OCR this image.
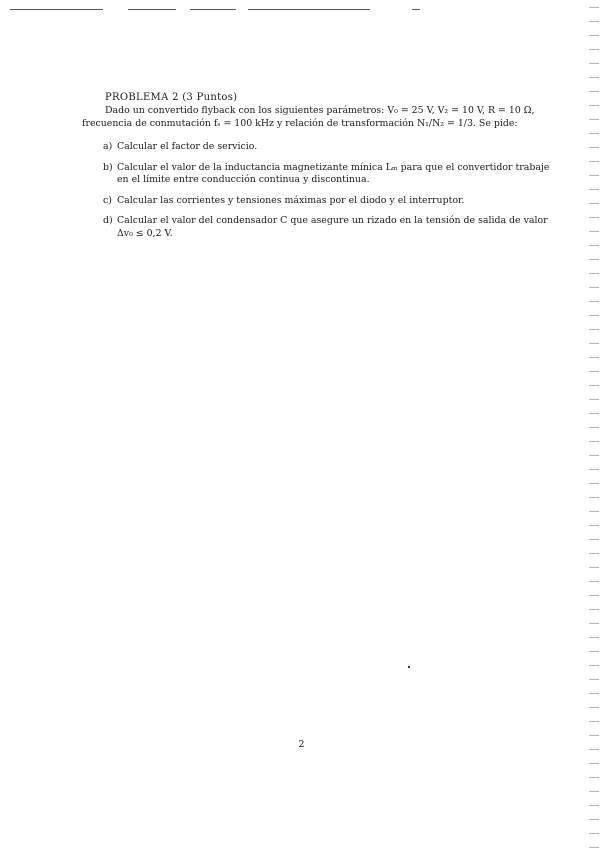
PROBLEMA 2 (3 Puntos)
Dado un convertido flyback con los siguientes parámetros: V₀ = 25 V, V₂ = 10 V, R = 10 Ω, frecuencia de conmutación fₛ = 100 kHz y relación de transformación N₁/N₂ = 1/3. Se pide:
a) Calcular el factor de servicio.
b) Calcular el valor de la inductancia magnetizante mínica Lₘ para que el convertidor trabaje en el límite entre conducción continua y discontinua.
c) Calcular las corrientes y tensiones máximas por el diodo y el interruptor.
d) Calcular el valor del condensador C que asegure un rizado en la tensión de salida de valor Δv₀ ≤ 0,2 V.
2
